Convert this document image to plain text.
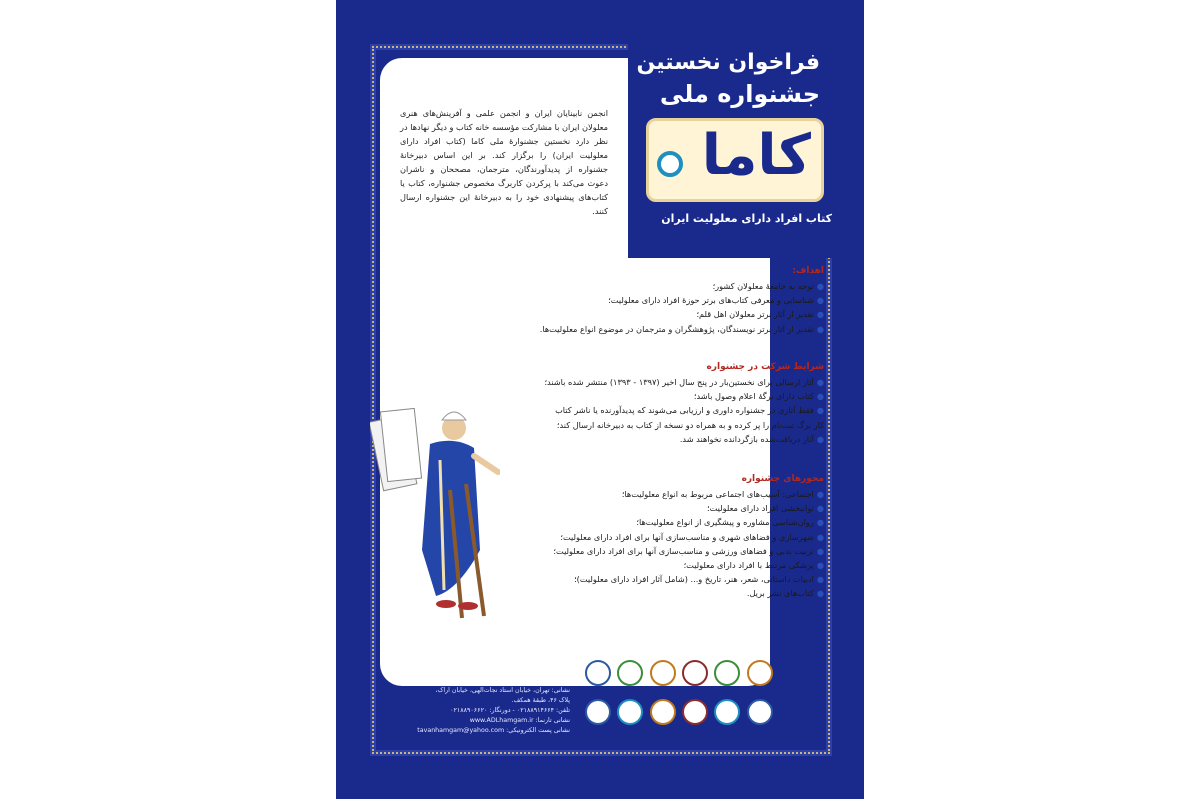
فراخوان نخستین
جشنواره ملی
کاما
کتاب افراد دارای معلولیت ایران
انجمن نابینایان ایران و انجمن علمی و آفرینش‌های هنری معلولان ایران با مشارکت مؤسسه خانه کتاب و دیگر نهادها در نظر دارد نخستین جشنوارهٔ ملی کاما (کتاب افراد دارای معلولیت ایران) را برگزار کند. بر این اساس دبیرخانهٔ جشنواره از پدیدآورندگان، مترجمان، مصححان و ناشران دعوت می‌کند با پرکردن کاربرگ مخصوص جشنواره، کتاب یا کتاب‌های پیشنهادی خود را به دبیرخانهٔ این جشنواره ارسال کنند.
اهداف:
●توجه به جامعهٔ معلولان کشور؛
●شناسایی و معرفی کتاب‌های برتر حوزهٔ افراد دارای معلولیت؛
●تقدیر از آثار برتر معلولان اهل قلم؛
●تقدیر از آثار برتر نویسندگان، پژوهشگران و مترجمان در موضوع انواع معلولیت‌ها.
شرایط شرکت در جشنواره
●آثار ارسالی برای نخستین‌بار در پنج سال اخیر (۱۳۹۷ - ۱۳۹۳) منتشر شده باشند؛
●کتاب دارای برگهٔ اعلام وصول باشد؛
●فقط آثاری در جشنواره داوری و ارزیابی می‌شوند که پدیدآورنده یا ناشر کتاب
کار برگ ثبت‌نام را پر کرده و به همراه دو نسخه از کتاب به دبیرخانه ارسال کند؛
●آثار دریافت‌شده بازگردانده نخواهند شد.
محورهای جشنواره
●اجتماعی: آسیب‌های اجتماعی مربوط به انواع معلولیت‌ها؛
●توانبخشی افراد دارای معلولیت؛
●روان‌شناسی مشاوره و پیشگیری از انواع معلولیت‌ها؛
●شهرسازی و فضاهای شهری و مناسب‌سازی آنها برای افراد دارای معلولیت؛
●تربیت بدنی و فضاهای ورزشی و مناسب‌سازی آنها برای افراد دارای معلولیت؛
●پزشکی مرتبط با افراد دارای معلولیت؛
●ادبیات داستانی، شعر، هنر، تاریخ و... (شامل آثار افراد دارای معلولیت)؛
●کتاب‌های نشر بریل.
مهلت ارسال آثار: ۳۱ مرداد ۱۳۹۸
نشانی: تهران، خیابان استاد نجات‌الهی، خیابان اراک،
پلاک ۴۶، طبقهٔ همکف.
تلفن: ۰۲۱۸۸۹۱۴۶۶۴ - دورنگار: ۰۲۱۸۸۹۰۶۶۲۰
نشانی تارنما: www.ADLhamgam.ir
نشانی پست الکترونیکی: tavanhamgam@yahoo.com
